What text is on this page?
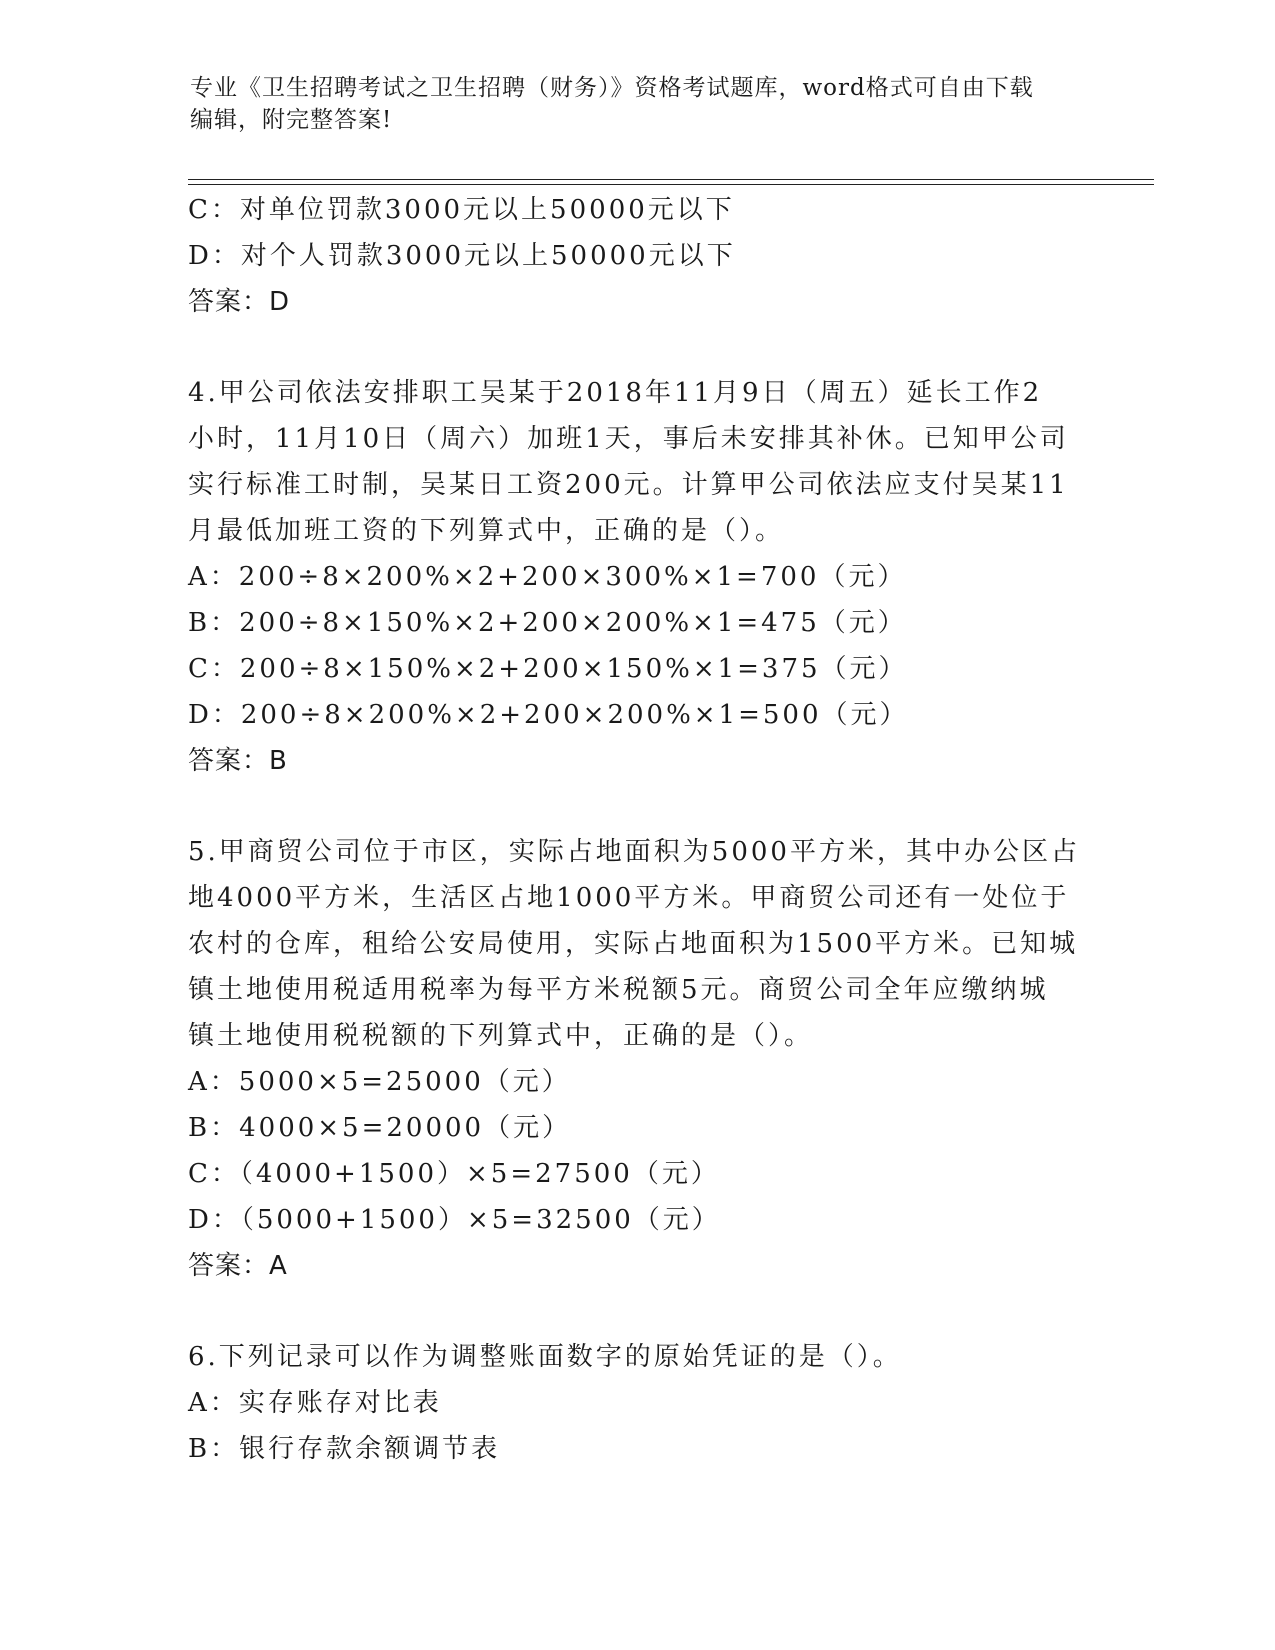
专业《卫生招聘考试之卫生招聘（财务）》资格考试题库，word格式可自由下载
编辑，附完整答案!
C：对单位罚款3000元以上50000元以下
D：对个人罚款3000元以上50000元以下
答案：D
4.甲公司依法安排职工吴某于2018年11月9日（周五）延长工作2
小时，11月10日（周六）加班1天，事后未安排其补休。已知甲公司
实行标准工时制，吴某日工资200元。计算甲公司依法应支付吴某11
月最低加班工资的下列算式中，正确的是（）。
A：200÷8×200%×2+200×300%×1=700（元）
B：200÷8×150%×2+200×200%×1=475（元）
C：200÷8×150%×2+200×150%×1=375（元）
D：200÷8×200%×2+200×200%×1=500（元）
答案：B
5.甲商贸公司位于市区，实际占地面积为5000平方米，其中办公区占
地4000平方米，生活区占地1000平方米。甲商贸公司还有一处位于
农村的仓库，租给公安局使用，实际占地面积为1500平方米。已知城
镇土地使用税适用税率为每平方米税额5元。商贸公司全年应缴纳城
镇土地使用税税额的下列算式中，正确的是（）。
A：5000×5=25000（元）
B：4000×5=20000（元）
C：（4000+1500）×5=27500（元）
D：（5000+1500）×5=32500（元）
答案：A
6.下列记录可以作为调整账面数字的原始凭证的是（）。
A：实存账存对比表
B：银行存款余额调节表
